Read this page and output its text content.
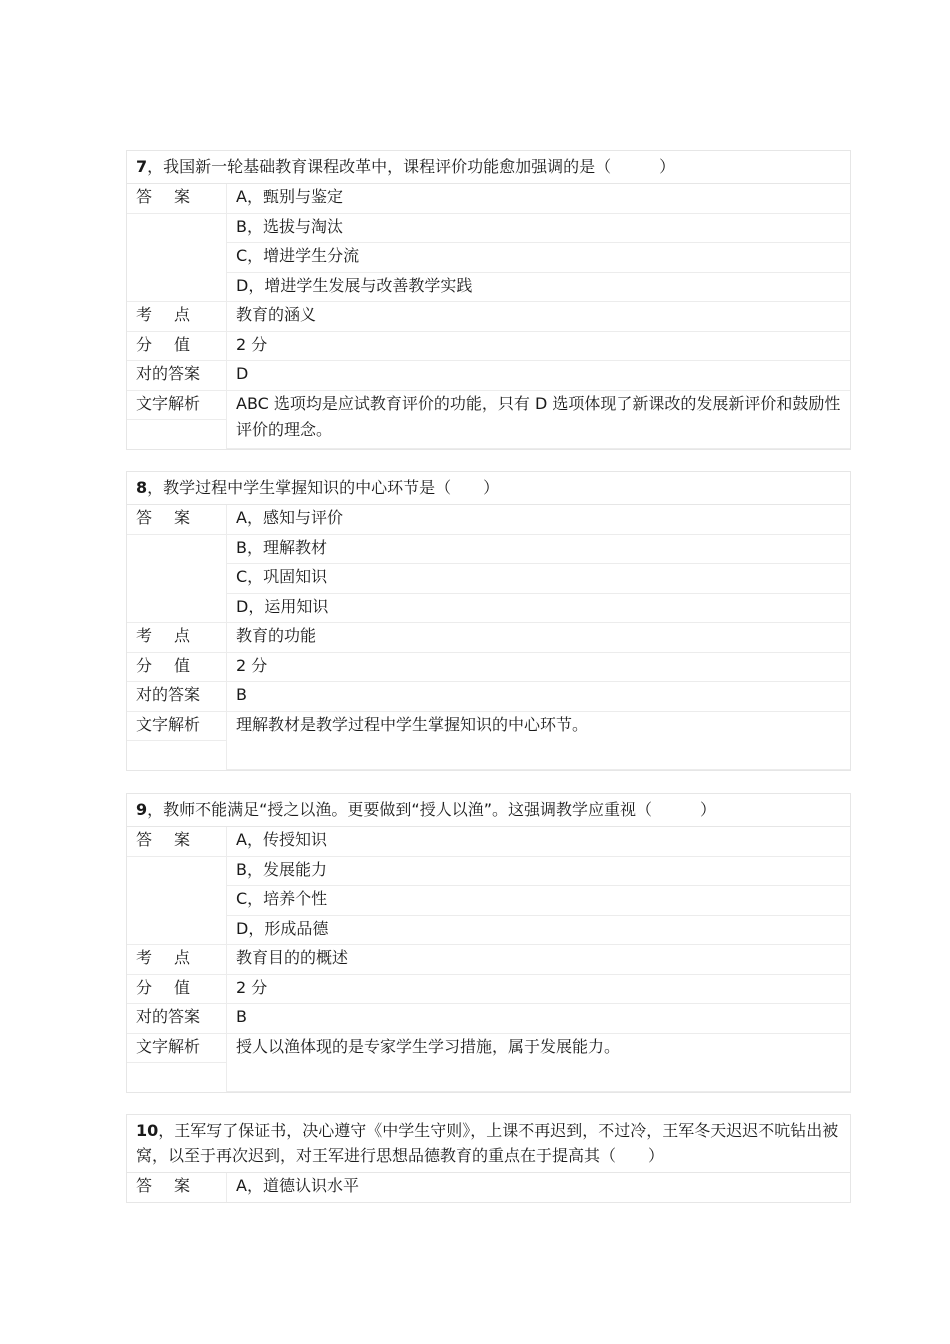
7，我国新一轮基础教育课程改革中，课程评价功能愈加强调的是（　　　）
答 案	A，甄别与鉴定
	B，选拔与淘汰
	C，增进学生分流
	D，增进学生发展与改善教学实践
考 点	教育的涵义
分 值	2 分
对的答案	D
文字解析	ABC 选项均是应试教育评价的功能，只有 D 选项体现了新课改的发展新评价和鼓励性评价的理念。

8，教学过程中学生掌握知识的中心环节是（　　）
答 案	A，感知与评价
	B，理解教材
	C，巩固知识
	D，运用知识
考 点	教育的功能
分 值	2 分
对的答案	B
文字解析	理解教材是教学过程中学生掌握知识的中心环节。

9，教师不能满足“授之以渔。更要做到“授人以渔”。这强调教学应重视（　　　）
答 案	A，传授知识
	B，发展能力
	C，培养个性
	D，形成品德
考 点	教育目的的概述
分 值	2 分
对的答案	B
文字解析	授人以渔体现的是专家学生学习措施，属于发展能力。

10，王军写了保证书，决心遵守《中学生守则》，上课不再迟到，不过冷，王军冬天迟迟不吭钻出被窝，以至于再次迟到，对王军进行思想品德教育的重点在于提高其（　　）
答 案	A，道德认识水平
